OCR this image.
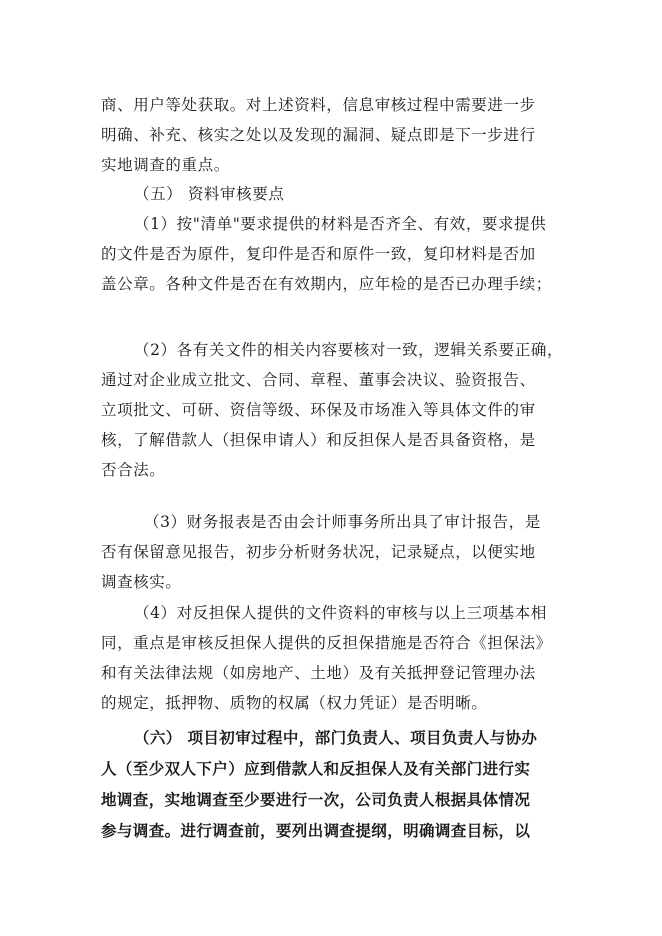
商、用户等处获取。对上述资料，信息审核过程中需要进一步
明确、补充、核实之处以及发现的漏洞、疑点即是下一步进行
实地调查的重点。
（五） 资料审核要点
（1）按"清单"要求提供的材料是否齐全、有效，要求提供
的文件是否为原件，复印件是否和原件一致，复印材料是否加
盖公章。各种文件是否在有效期内，应年检的是否已办理手续；
（2）各有关文件的相关内容要核对一致，逻辑关系要正确，
通过对企业成立批文、合同、章程、董事会决议、验资报告、
立项批文、可研、资信等级、环保及市场准入等具体文件的审
核，了解借款人（担保申请人）和反担保人是否具备资格，是
否合法。
（3）财务报表是否由会计师事务所出具了审计报告，是
否有保留意见报告，初步分析财务状况，记录疑点，以便实地
调查核实。
（4）对反担保人提供的文件资料的审核与以上三项基本相
同，重点是审核反担保人提供的反担保措施是否符合《担保法》
和有关法律法规（如房地产、土地）及有关抵押登记管理办法
的规定，抵押物、质物的权属（权力凭证）是否明晰。
（六） 项目初审过程中，部门负责人、项目负责人与协办
人（至少双人下户）应到借款人和反担保人及有关部门进行实
地调查，实地调查至少要进行一次，公司负责人根据具体情况
参与调查。进行调查前，要列出调查提纲，明确调查目标，以
